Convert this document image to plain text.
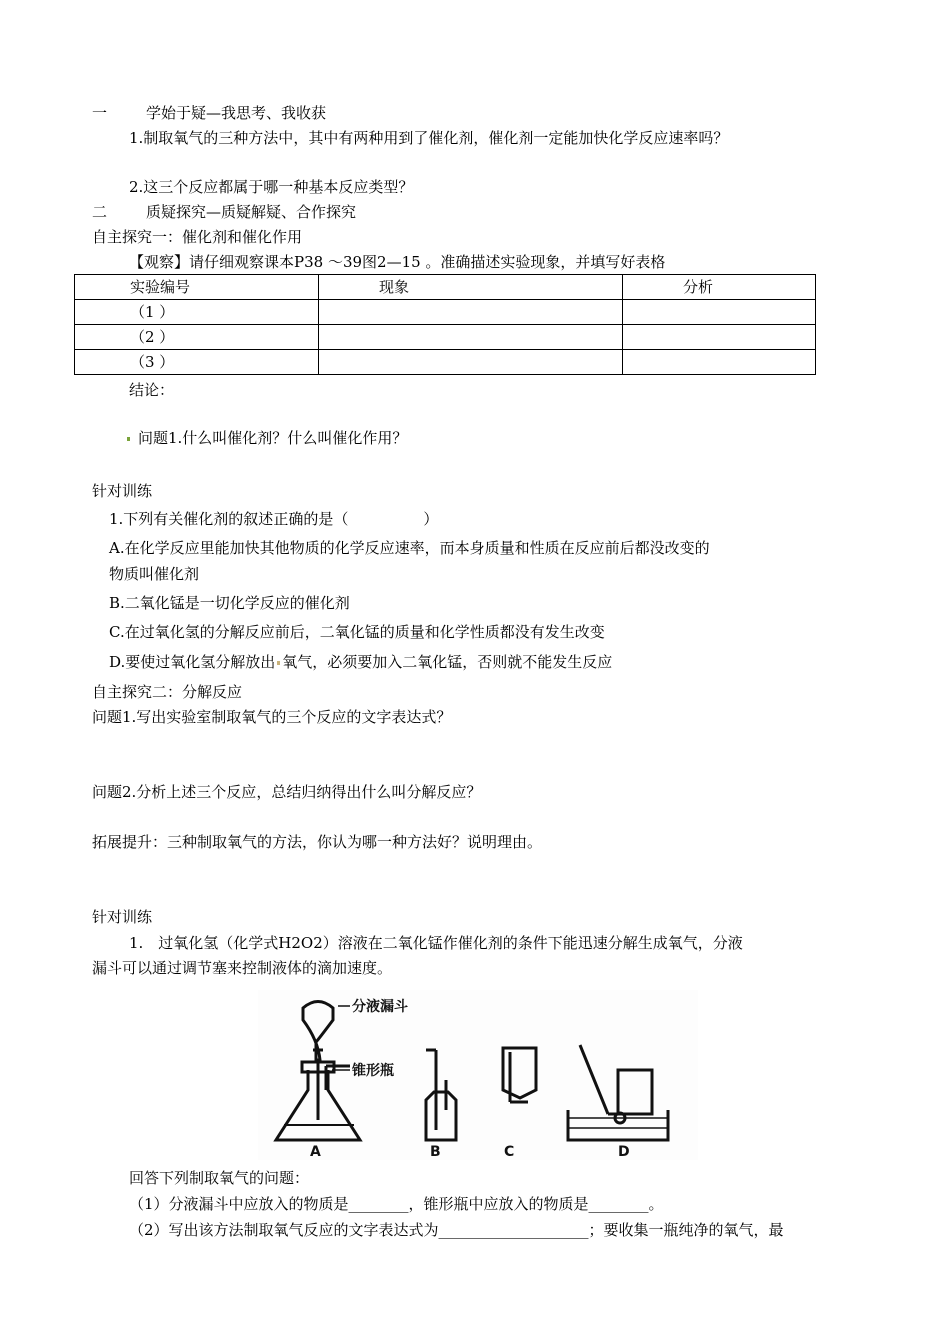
一	学始于疑—我思考、我收获
1.制取氧气的三种方法中，其中有两种用到了催化剂，催化剂一定能加快化学反应速率吗？
2.这三个反应都属于哪一种基本反应类型？
二	质疑探究—质疑解疑、合作探究
自主探究一：催化剂和催化作用
【观察】请仔细观察课本P38 ～39图2—15 。准确描述实验现象，并填写好表格
实验编号	现象	分析
（1 ）		
（2 ）		
（3 ）		
结论：
问题1.什么叫催化剂？什么叫催化作用？
针对训练
1.下列有关催化剂的叙述正确的是（　　　　　）
A.在化学反应里能加快其他物质的化学反应速率，而本身质量和性质在反应前后都没改变的
物质叫催化剂
B.二氧化锰是一切化学反应的催化剂
C.在过氧化氢的分解反应前后，二氧化锰的质量和化学性质都没有发生改变
D.要使过氧化氢分解放出 氧气，必须要加入二氧化锰，否则就不能发生反应
自主探究二：分解反应
问题1.写出实验室制取氧气的三个反应的文字表达式？
问题2.分析上述三个反应，总结归纳得出什么叫分解反应？
拓展提升：三种制取氧气的方法，你认为哪一种方法好？说明理由。
针对训练
1.　过氧化氢（化学式H2O2）溶液在二氧化锰作催化剂的条件下能迅速分解生成氧气，分液
漏斗可以通过调节塞来控制液体的滴加速度。
分液漏斗
锥形瓶
A	B	C	D
回答下列制取氧气的问题：
（1）分液漏斗中应放入的物质是________，锥形瓶中应放入的物质是________。
（2）写出该方法制取氧气反应的文字表达式为____________________；要收集一瓶纯净的氧气，最
